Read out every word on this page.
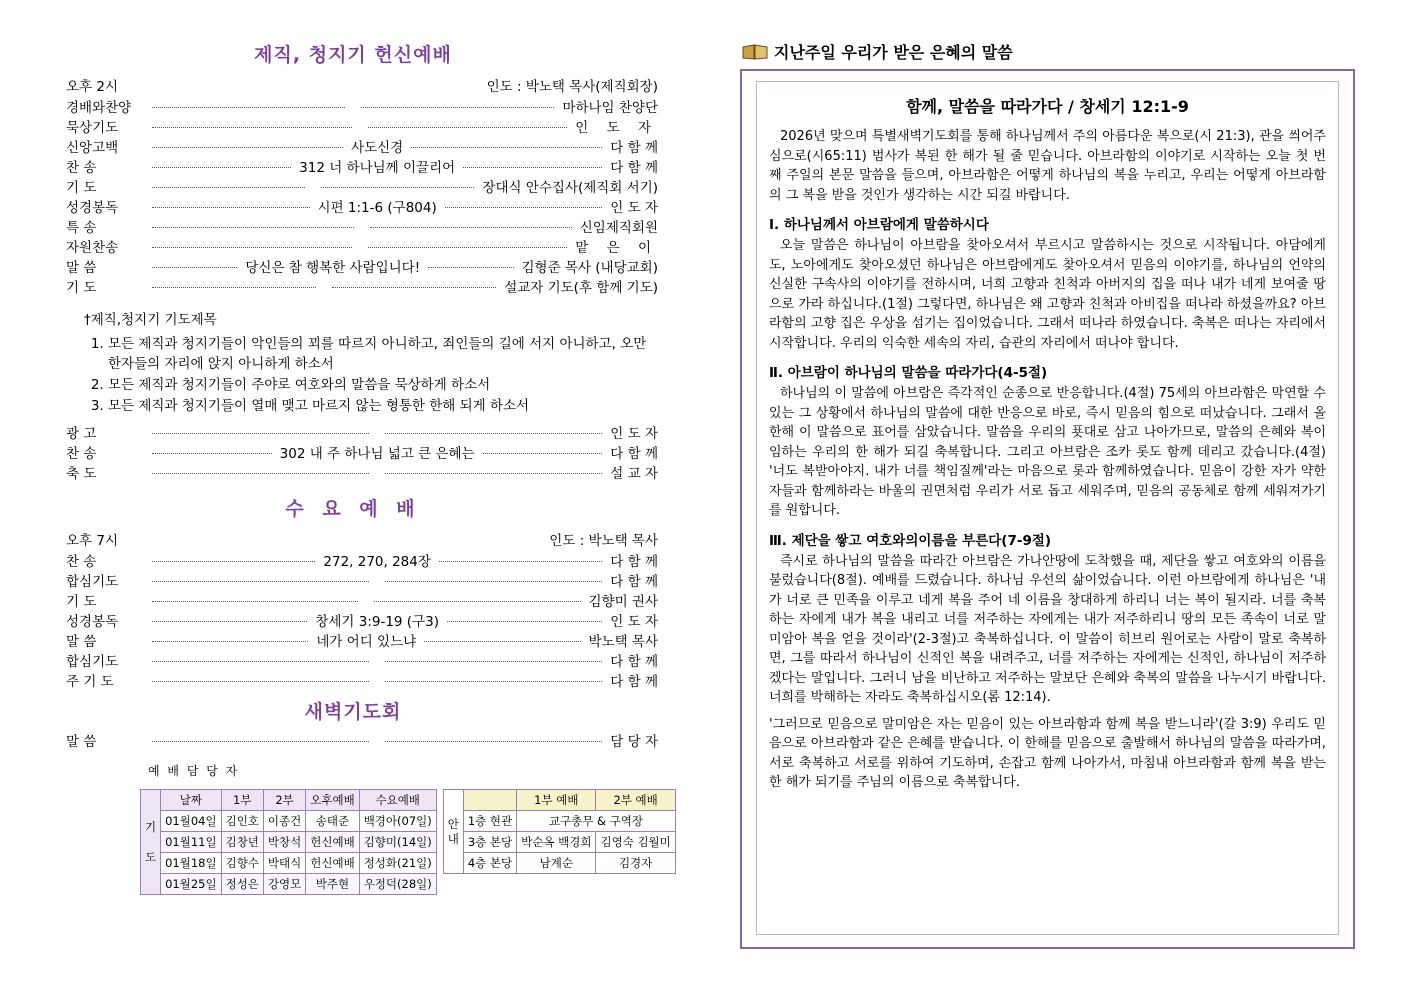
제직, 청지기 헌신예배
오후 2시	인도 : 박노택 목사(제직회장)
경배와찬양	마하나임 찬양단
묵상기도	인 도 자
신앙고백	사도신경	다 함 께
찬 송	312 너 하나님께 이끌리어	다 함 께
기 도	장대식 안수집사(제직회 서기)
성경봉독	시편 1:1-6 (구804)	인 도 자
특 송	신임제직회원
자원찬송	맡 은 이
말 씀	당신은 참 행복한 사람입니다!	김형준 목사 (내당교회)
기 도	설교자 기도(후 함께 기도)
†제직,청지기 기도제목
1. 모든 제직과 청지기들이 악인들의 꾀를 따르지 아니하고, 죄인들의 길에 서지 아니하고, 오만한자들의 자리에 앉지 아니하게 하소서
2. 모든 제직과 청지기들이 주야로 여호와의 말씀을 묵상하게 하소서
3. 모든 제직과 청지기들이 열매 맺고 마르지 않는 형통한 한해 되게 하소서
광 고	인 도 자
찬 송	302 내 주 하나님 넓고 큰 은혜는	다 함 께
축 도	설 교 자
수 요 예 배
오후 7시	인도 : 박노택 목사
찬 송	272, 270, 284장	다 함 께
합심기도	다 함 께
기 도	김향미 권사
성경봉독	창세기 3:9-19 (구3)	인 도 자
말 씀	네가 어디 있느냐	박노택 목사
합심기도	다 함 께
주 기 도	다 함 께
새벽기도회
말 씀	담 당 자
예 배 담 당 자
기

도	날짜	1부	2부	오후예배	수요예배
	01월04일	김인호	이종건	송태준	백경아(07일)
	01월11일	김창년	박창석	헌신예배	김향미(14일)
	01월18일	김향수	박태식	헌신예배	정성화(21일)
	01월25일	정성은	강영모	박주현	우정덕(28일)
안
내		1부 예배	2부 예배
	1층 현관	교구총무 & 구역장	
	3층 본당	박순옥 백경희	김영숙 김월미
	4층 본당	남계순	김경자
지난주일 우리가 받은 은혜의 말씀
함께, 말씀을 따라가다 / 창세기 12:1-9

2026년 맞으며 특별새벽기도회를 통해 하나님께서 주의 아름다운 복으로(시 21:3), 관을 씌어주심으로(시65:11) 범사가 복된 한 해가 될 줄 믿습니다. 아브라함의 이야기로 시작하는 오늘 첫 번째 주일의 본문 말씀을 들으며, 아브라함은 어떻게 하나님의 복을 누리고, 우리는 어떻게 아브라함의 그 복을 받을 것인가 생각하는 시간 되길 바랍니다.

Ⅰ. 하나님께서 아브람에게 말씀하시다

오늘 말씀은 하나님이 아브람을 찾아오셔서 부르시고 말씀하시는 것으로 시작됩니다. 아담에게도, 노아에게도 찾아오셨던 하나님은 아브람에게도 찾아오셔서 믿음의 이야기를, 하나님의 언약의 신실한 구속사의 이야기를 전하시며, 너희 고향과 친척과 아버지의 집을 떠나 내가 네게 보여줄 땅으로 가라 하십니다.(1절) 그렇다면, 하나님은 왜 고향과 친척과 아비집을 떠나라 하셨을까요? 아브라함의 고향 집은 우상을 섬기는 집이었습니다. 그래서 떠나라 하였습니다. 축복은 떠나는 자리에서 시작합니다. 우리의 익숙한 세속의 자리, 습관의 자리에서 떠나야 합니다.

Ⅱ. 아브람이 하나님의 말씀을 따라가다(4-5절)

하나님의 이 말씀에 아브람은 즉각적인 순종으로 반응합니다.(4절) 75세의 아브라함은 막연할 수 있는 그 상황에서 하나님의 말씀에 대한 반응으로 바로, 즉시 믿음의 힘으로 떠났습니다. 그래서 올 한해 이 말씀으로 표어를 삼았습니다. 말씀을 우리의 푯대로 삼고 나아가므로, 말씀의 은혜와 복이 임하는 우리의 한 해가 되길 축복합니다. 그리고 아브람은 조카 롯도 함께 데리고 갔습니다.(4절) '너도 복받아야지. 내가 너를 책임질께'라는 마음으로 롯과 함께하였습니다. 믿음이 강한 자가 약한 자들과 함께하라는 바울의 권면처럼 우리가 서로 돕고 세워주며, 믿음의 공동체로 함께 세워져가기를 원합니다.

Ⅲ. 제단을 쌓고 여호와의이름을 부른다(7-9절)

즉시로 하나님의 말씀을 따라간 아브람은 가나안땅에 도착했을 때, 제단을 쌓고 여호와의 이름을 불렀습니다(8절). 예배를 드렸습니다. 하나님 우선의 삶이었습니다. 이런 아브람에게 하나님은 '내가 너로 큰 민족을 이루고 네게 복을 주어 네 이름을 창대하게 하리니 너는 복이 될지라. 너를 축복하는 자에게 내가 복을 내리고 너를 저주하는 자에게는 내가 저주하리니 땅의 모든 족속이 너로 말미암아 복을 얻을 것이라'(2-3절)고 축복하십니다. 이 말씀이 히브리 원어로는 사람이 말로 축복하면, 그를 따라서 하나님이 신적인 복을 내려주고, 너를 저주하는 자에게는 신적인, 하나님이 저주하겠다는 말입니다. 그러니 남을 비난하고 저주하는 말보단 은혜와 축복의 말씀을 나누시기 바랍니다. 너희를 박해하는 자라도 축복하십시오(롬 12:14).

'그러므로 믿음으로 말미암은 자는 믿음이 있는 아브라함과 함께 복을 받느니라'(갈 3:9) 우리도 믿음으로 아브라함과 같은 은혜를 받습니다. 이 한해를 믿음으로 출발해서 하나님의 말씀을 따라가며, 서로 축복하고 서로를 위하여 기도하며, 손잡고 함께 나아가서, 마침내 아브라함과 함께 복을 받는 한 해가 되기를 주님의 이름으로 축복합니다.
